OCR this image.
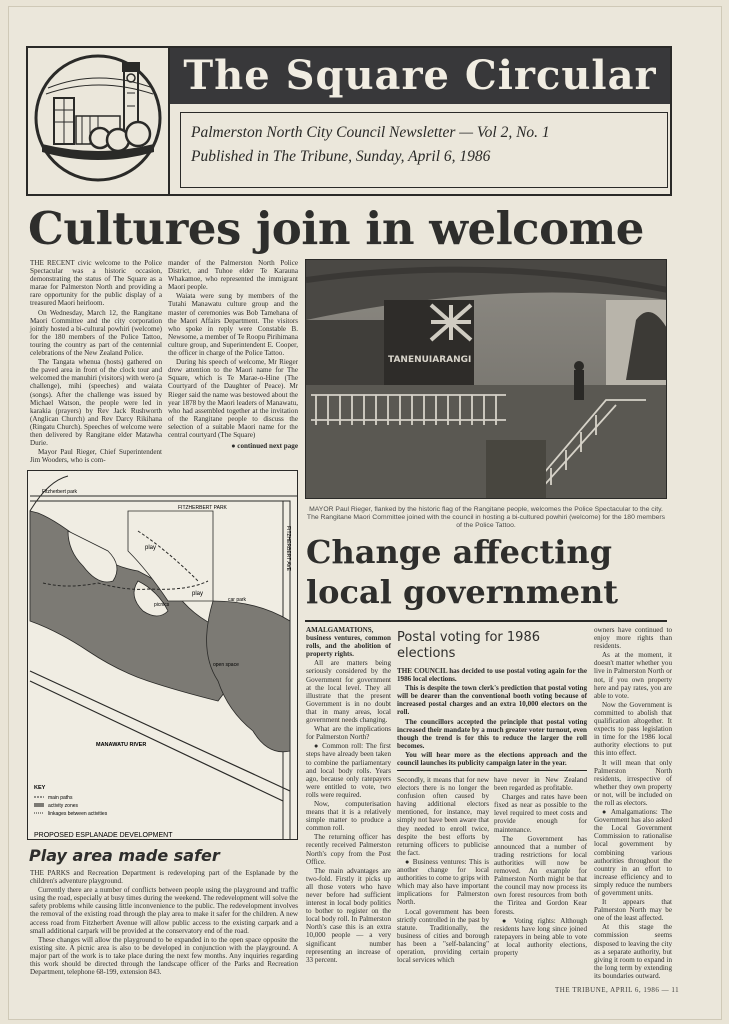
The Square Circular
Palmerston North City Council Newsletter — Vol 2, No. 1
Published in The Tribune, Sunday, April 6, 1986
Cultures join in welcome

THE RECENT civic welcome to the Police Spectacular was a historic occasion, demonstrating the status of The Square as a marae for Palmerston North and providing a rare opportunity for the public display of a treasured Maori heirloom.

On Wednesday, March 12, the Rangitane Maori Committee and the city corporation jointly hosted a bi-cultural powhiri (welcome) for the 180 members of the Police Tattoo, touring the country as part of the centennial celebrations of the New Zealand Police.

The Tangata whenua (hosts) gathered on the paved area in front of the clock tour and welcomed the manuhiri (visitors) with wero (a challenge), mihi (speeches) and waiata (songs). After the challenge was issued by Michael Watson, the people were led in karakia (prayers) by Rev Jack Rushworth (Anglican Church) and Rev Darcy Rikihana (Ringatu Church). Speeches of welcome were then delivered by Rangitane elder Matawha Durie.

Mayor Paul Rieger, Chief Superintendent Jim Wooders, who is com-

mander of the Palmerston North Police District, and Tuhoe elder Te Karauna Whakamoe, who represented the immigrant Maori people.

Waiata were sung by members of the Tutahi Manawatu culture group and the master of ceremonies was Bob Tamehana of the Maori Affairs Department. The visitors who spoke in reply were Constable B. Newsome, a member of Te Roopu Pirihimana culture group, and Superintendent E. Cooper, the officer in charge of the Police Tattoo.

During his speech of welcome, Mr Rieger drew attention to the Maori name for The Square, which is Te Marae-o-Hine (The Courtyard of the Daughter of Peace). Mr Rieger said the name was bestowed about the year 1878 by the Maori leaders of Manawatu, who had assembled together at the invitation of the Rangitane people to discuss the selection of a suitable Maori name for the central courtyard (The Square)

● continued next page

TANENUIARANGI
MAYOR Paul Rieger, flanked by the historic flag of the Rangitane people, welcomes the Police Spectacular to the city. The Rangitane Maori Committee joined with the council in hosting a bi-cultured powhiri (welcome) for the 180 members of the Police Tattoo.
Fitzherbert park
FITZHERBERT PARK
FITZHERBERT AVE
play
play
picnics
car park
open space
MANAWATU RIVER
KEY
main paths
activity zones
linkages between activities
PROPOSED ESPLANADE DEVELOPMENT
Change affecting
local government

AMALGAMATIONS, business ventures, common rolls, and the abolition of property rights.

All are matters being seriously considered by the Government for government at the local level. They all illustrate that the present Government is in no doubt that in many areas, local government needs changing.

What are the implications for Palmerston North?

● Common roll: The first steps have already been taken to combine the parliamentary and local body rolls. Years ago, because only ratepayers were entitled to vote, two rolls were required.

Now, computerisation means that it is a relatively simple matter to produce a common roll.

The returning officer has recently received Palmerston North's copy from the Post Office.

The main advantages are two-fold. Firstly it picks up all those voters who have never before had sufficient interest in local body politics to bother to register on the local body roll. In Palmerston North's case this is an extra 10,000 people — a very significant number representing an increase of 33 percent.

Postal voting for 1986 elections

THE COUNCIL has decided to use postal voting again for the 1986 local elections.

This is despite the town clerk's prediction that postal voting will be dearer than the conventional booth voting because of increased postal charges and an extra 10,000 electors on the roll.

The councillors accepted the principle that postal voting increased their mandate by a much greater voter turnout, even though the trend is for this to reduce the larger the roll becomes.

You will hear more as the elections approach and the council launches its publicity campaign later in the year.

Secondly, it means that for new electors there is no longer the confusion often caused by having additional electors mentioned, for instance, may simply not have been aware that they needed to enroll twice, despite the best efforts by returning officers to publicise the fact.

● Business ventures: This is another change for local authorities to come to grips with which may also have important implications for Palmerston North.

Local government has been strictly controlled in the past by statute. Traditionally, the business of cities and borough has been a "self-balancing" operation, providing certain local services which

have never in New Zealand been regarded as profitable.

Charges and rates have been fixed as near as possible to the level required to meet costs and provide enough for maintenance.

The Government has announced that a number of trading restrictions for local authorities will now be removed. An example for Palmerston North might be that the council may now process its own forest resources from both the Tiritea and Gordon Kear forests.

● Voting rights: Although residents have long since joined ratepayers in being able to vote at local authority elections, property

owners have continued to enjoy more rights than residents.

As at the moment, it doesn't matter whether you live in Palmerston North or not, if you own property here and pay rates, you are able to vote.

Now the Government is committed to abolish that qualification altogether. It expects to pass legislation in time for the 1986 local authority elections to put this into effect.

It will mean that only Palmerston North residents, irrespective of whether they own property or not, will be included on the roll as electors.

● Amalgamations: The Government has also asked the Local Government Commission to rationalise local government by combining various authorities throughout the country in an effort to increase efficiency and to simply reduce the numbers of government units.

It appears that Palmerston North may be one of the least affected.

At this stage the commission seems disposed to leaving the city as a separate authority, but giving it room to expand in the long term by extending its boundaries outward.

Play area made safer

THE PARKS and Recreation Department is redeveloping part of the Esplanade by the children's adventure playground.

Currently there are a number of conflicts between people using the playground and traffic using the road, especially at busy times during the weekend. The redevelopment will solve the safety problems while causing little inconvenience to the public. The redevelopment involves the removal of the existing road through the play area to make it safer for the children. A new access road from Fitzherbert Avenue will allow public access to the existing carpark and a small additional carpark will be provided at the conservatory end of the road.

These changes will allow the playground to be expanded in to the open space opposite the existing site. A picnic area is also to be developed in conjunction with the playground. A major part of the work is to take place during the next few months. Any inquiries regarding this work should be directed through the landscape officer of the Parks and Recreation Department, telephone 68-199, extension 843.

THE TRIBUNE, APRIL 6, 1986 — 11
